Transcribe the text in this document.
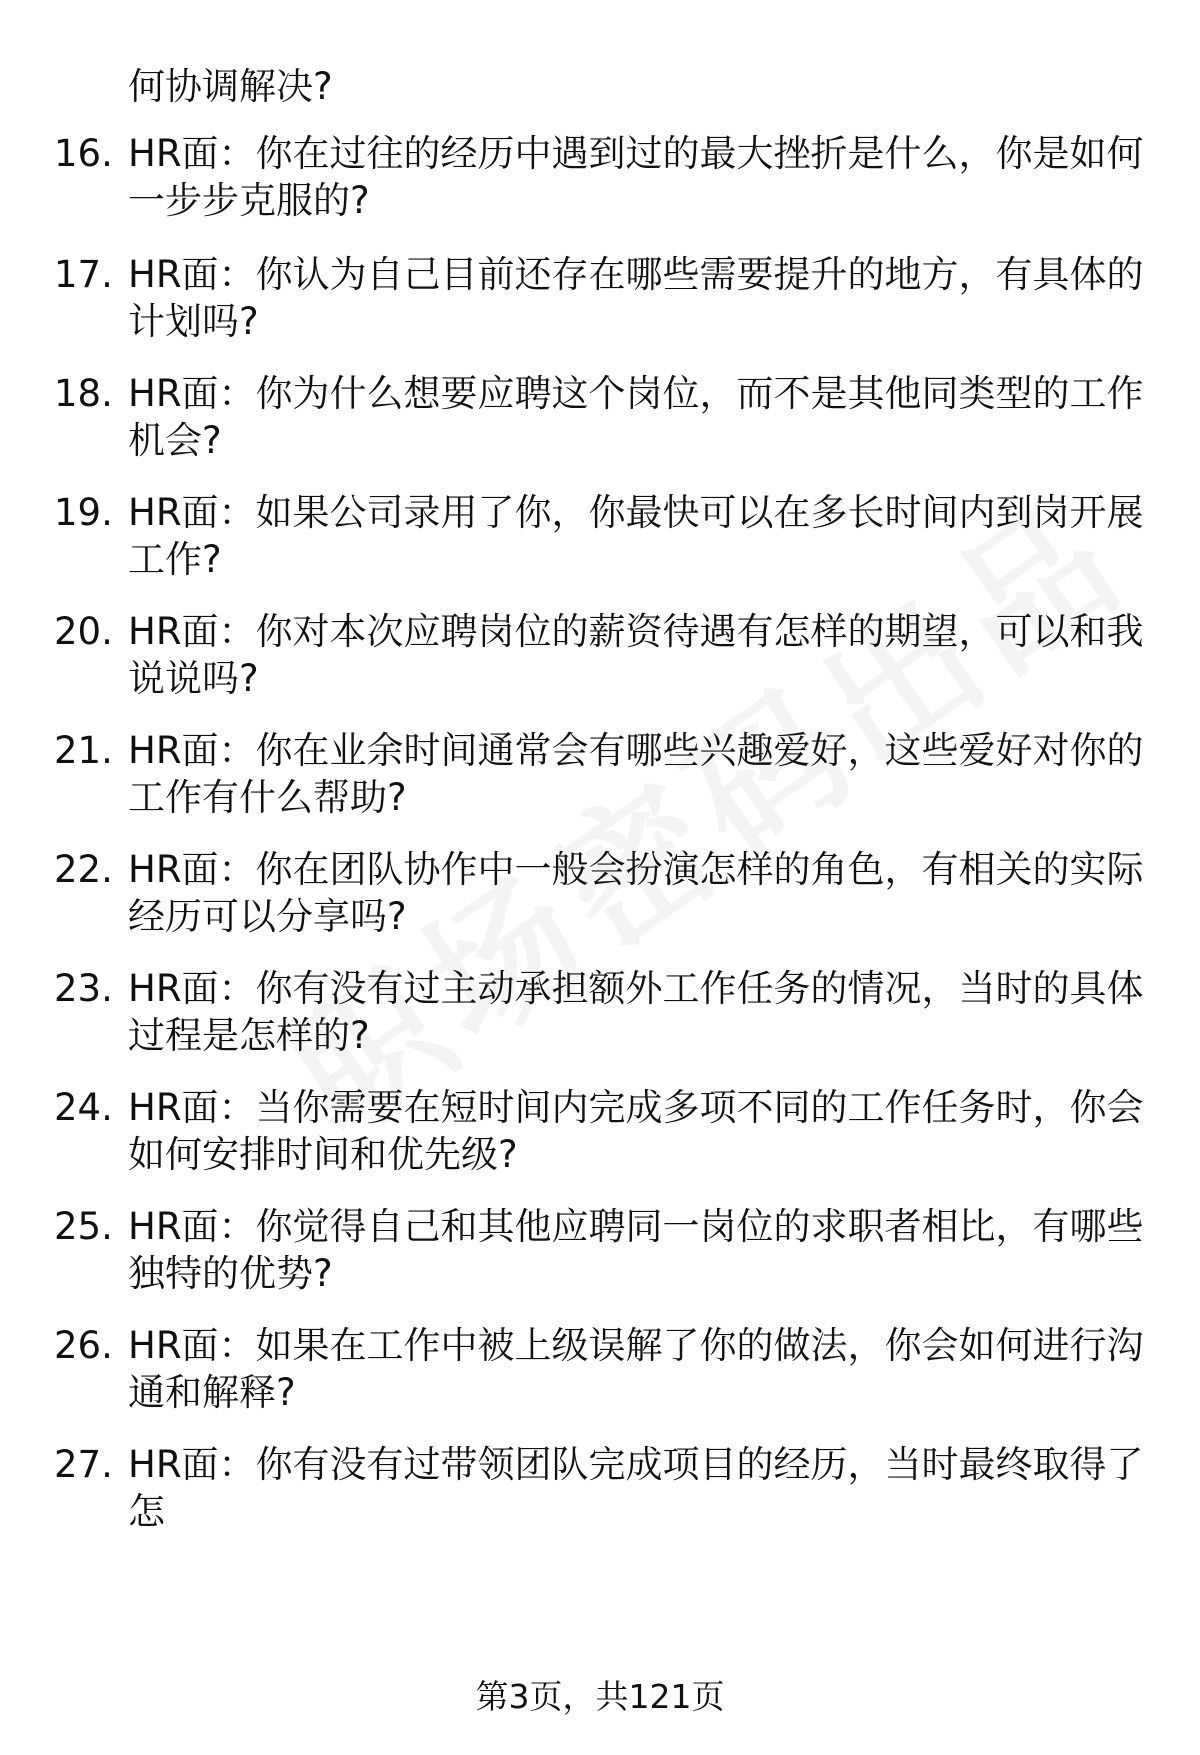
何协调解决?
16. HR面：你在过往的经历中遇到过的最大挫折是什么，你是如何一步步克服的?
17. HR面：你认为自己目前还存在哪些需要提升的地方，有具体的计划吗?
18. HR面：你为什么想要应聘这个岗位，而不是其他同类型的工作机会?
19. HR面：如果公司录用了你，你最快可以在多长时间内到岗开展工作?
20. HR面：你对本次应聘岗位的薪资待遇有怎样的期望，可以和我说说吗?
21. HR面：你在业余时间通常会有哪些兴趣爱好，这些爱好对你的工作有什么帮助?
22. HR面：你在团队协作中一般会扮演怎样的角色，有相关的实际经历可以分享吗?
23. HR面：你有没有过主动承担额外工作任务的情况，当时的具体过程是怎样的?
24. HR面：当你需要在短时间内完成多项不同的工作任务时，你会如何安排时间和优先级?
25. HR面：你觉得自己和其他应聘同一岗位的求职者相比，有哪些独特的优势?
26. HR面：如果在工作中被上级误解了你的做法，你会如何进行沟通和解释?
27. HR面：你有没有过带领团队完成项目的经历，当时最终取得了怎
第3页，共121页
